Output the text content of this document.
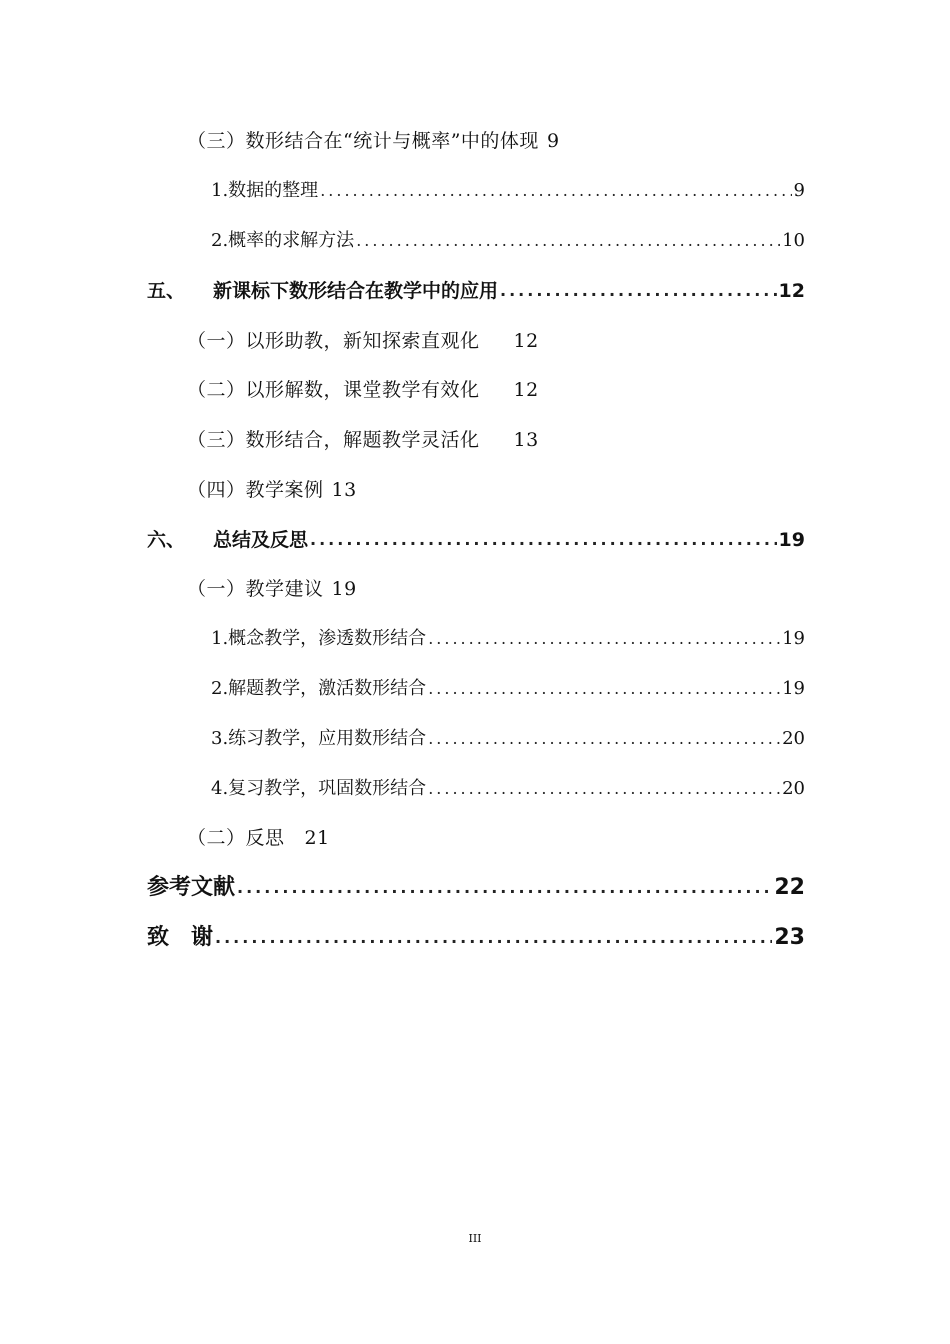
（三）数形结合在“统计与概率”中的体现 9
1.数据的整理 .....	9
2.概率的求解方法 .....	10
五、	新课标下数形结合在教学中的应用 .....	12
（一）以形助教，新知探索直观化 12
（二）以形解数，课堂教学有效化 12
（三）数形结合，解题教学灵活化 13
（四）教学案例 13
六、	总结及反思 .....	19
（一）教学建议 19
1.概念教学，渗透数形结合 .....	19
2.解题教学，激活数形结合 .....	19
3.练习教学，应用数形结合 .....	20
4.复习教学，巩固数形结合 .....	20
（二）反思 21
参考文献 .....	22
致　谢 .....	23
III
